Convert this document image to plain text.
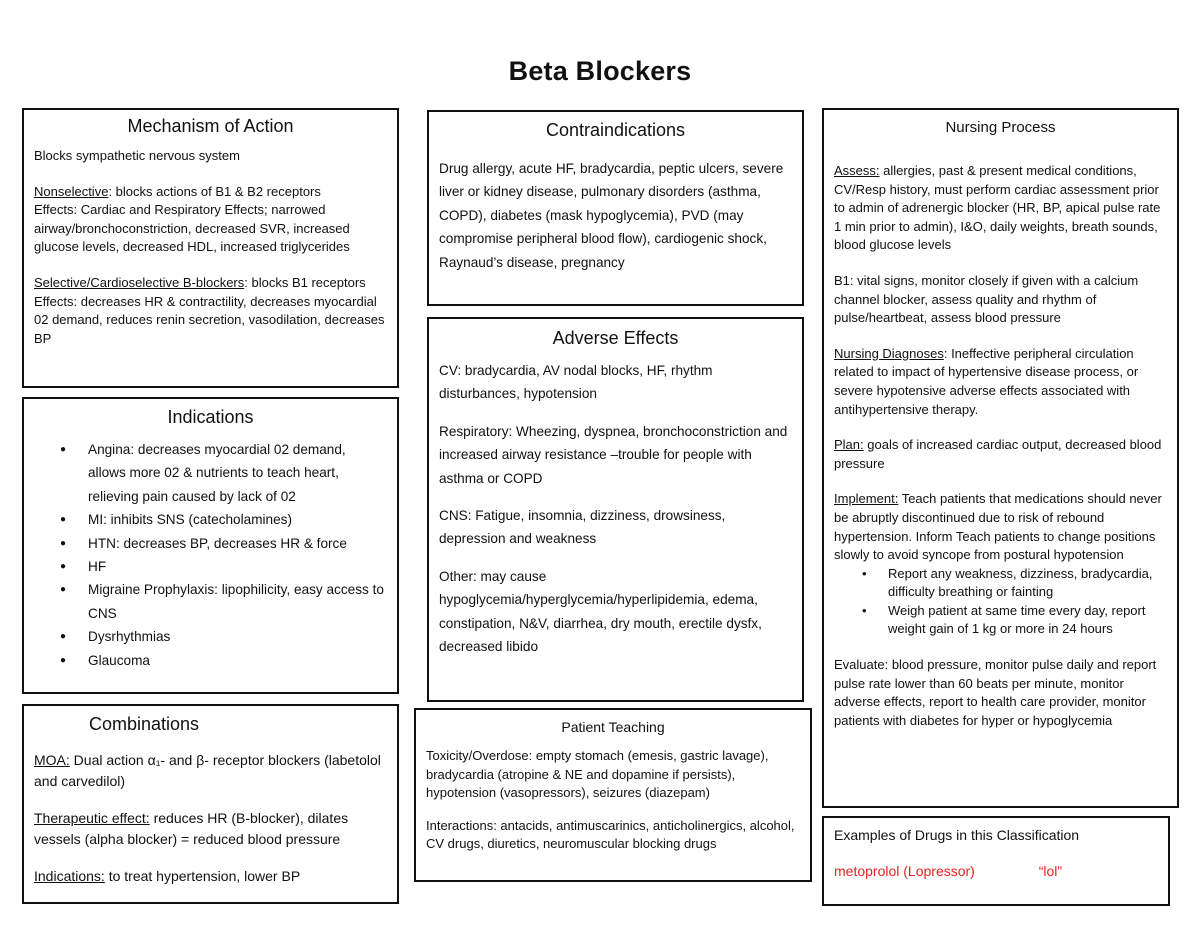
Beta Blockers
Mechanism of Action

Blocks sympathetic nervous system

Nonselective: blocks actions of B1 & B2 receptors

Effects: Cardiac and Respiratory Effects; narrowed airway/bronchoconstriction, decreased SVR, increased glucose levels, decreased HDL, increased triglycerides

Selective/Cardioselective B-blockers: blocks B1 receptors

Effects: decreases HR & contractility, decreases myocardial 02 demand, reduces renin secretion, vasodilation, decreases BP

Indications
● Angina: decreases myocardial 02 demand, allows more 02 & nutrients to teach heart, relieving pain caused by lack of 02
● MI: inhibits SNS (catecholamines)
● HTN: decreases BP, decreases HR & force
● HF
● Migraine Prophylaxis: lipophilicity, easy access to CNS
● Dysrhythmias
● Glaucoma
Combinations

MOA: Dual action α₁- and β- receptor blockers (labetolol and carvedilol)

Therapeutic effect: reduces HR (B-blocker), dilates vessels (alpha blocker) = reduced blood pressure

Indications: to treat hypertension, lower BP

Contraindications

Drug allergy, acute HF, bradycardia, peptic ulcers, severe liver or kidney disease, pulmonary disorders (asthma, COPD), diabetes (mask hypoglycemia), PVD (may compromise peripheral blood flow), cardiogenic shock, Raynaud’s disease, pregnancy

Adverse Effects

CV: bradycardia, AV nodal blocks, HF, rhythm disturbances, hypotension

Respiratory: Wheezing, dyspnea, bronchoconstriction and increased airway resistance –trouble for people with asthma or COPD

CNS: Fatigue, insomnia, dizziness, drowsiness, depression and weakness

Other: may cause hypoglycemia/hyperglycemia/hyperlipidemia, edema, constipation, N&V, diarrhea, dry mouth, erectile dysfx, decreased libido

Patient Teaching

Toxicity/Overdose: empty stomach (emesis, gastric lavage), bradycardia (atropine & NE and dopamine if persists), hypotension (vasopressors), seizures (diazepam)

Interactions: antacids, antimuscarinics, anticholinergics, alcohol, CV drugs, diuretics, neuromuscular blocking drugs

Nursing Process

Assess: allergies, past & present medical conditions, CV/Resp history, must perform cardiac assessment prior to admin of adrenergic blocker (HR, BP, apical pulse rate 1 min prior to admin), I&O, daily weights, breath sounds, blood glucose levels

B1: vital signs, monitor closely if given with a calcium channel blocker, assess quality and rhythm of pulse/heartbeat, assess blood pressure

Nursing Diagnoses: Ineffective peripheral circulation related to impact of hypertensive disease process, or severe hypotensive adverse effects associated with antihypertensive therapy.

Plan: goals of increased cardiac output, decreased blood pressure

Implement: Teach patients that medications should never be abruptly discontinued due to risk of rebound hypertension. Inform Teach patients to change positions slowly to avoid syncope from postural hypotension

• Report any weakness, dizziness, bradycardia, difficulty breathing or fainting
• Weigh patient at same time every day, report weight gain of 1 kg or more in 24 hours

Evaluate: blood pressure, monitor pulse daily and report pulse rate lower than 60 beats per minute, monitor adverse effects, report to health care provider, monitor patients with diabetes for hyper or hypoglycemia

Examples of Drugs in this Classification

metoprolol (Lopressor)	“lol”
